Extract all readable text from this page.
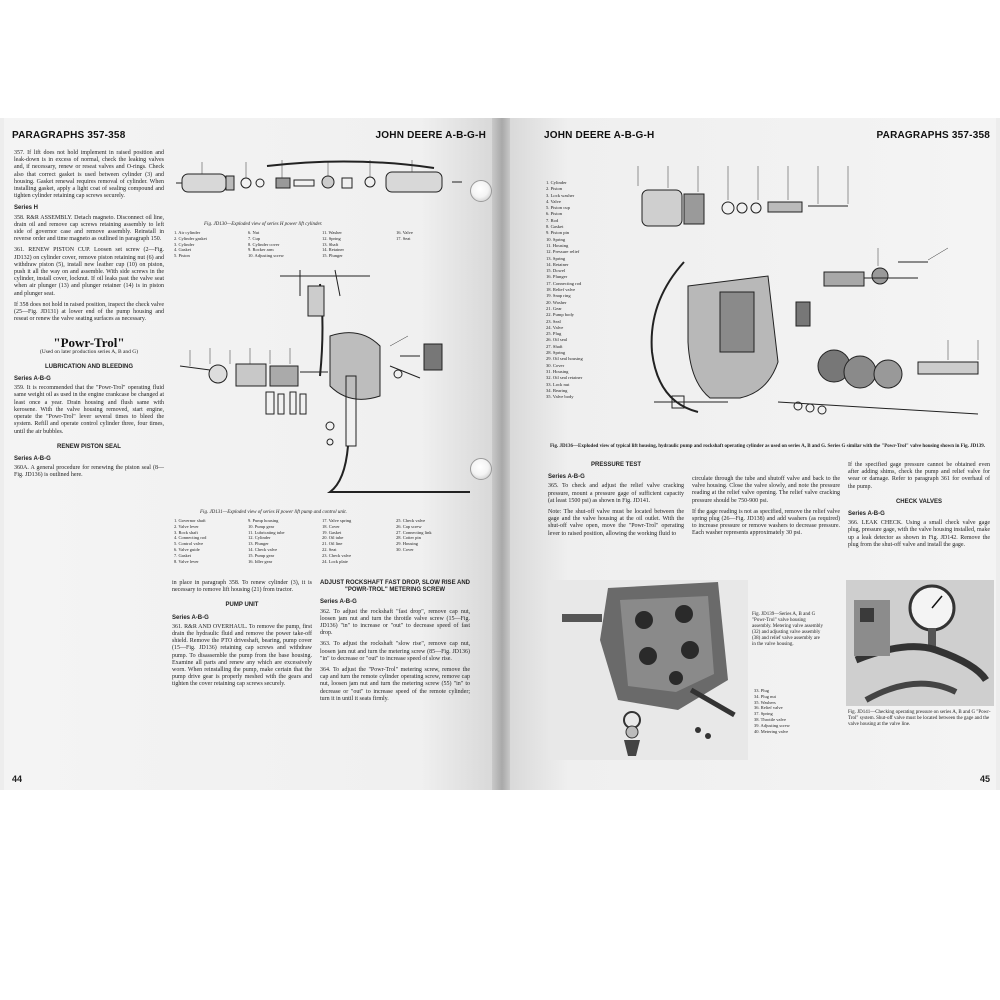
PARAGRAPHS 357-358	JOHN DEERE A-B-G-H

357. If lift does not hold implement in raised position and leak-down is in excess of normal, check the leaking valves and, if necessary, renew or reseat valves and O-rings. Check also that correct gasket is used between cylinder (3) and housing. Gasket renewal requires removal of cylinder. When installing gasket, apply a light coat of sealing compound and tighten cylinder retaining cap screws securely.

Series H

358. R&R ASSEMBLY. Detach magneto. Disconnect oil line, drain oil and remove cap screws retaining assembly to left side of governor case and remove assembly. Reinstall in reverse order and time magneto as outlined in paragraph 150.

361. RENEW PISTON CUP. Loosen set screw (2—Fig. JD132) on cylinder cover, remove piston retaining nut (6) and withdraw piston (5), install new leather cup (10) on piston, push it all the way on and assemble. With side screws in the cylinder, install cover, locknut. If oil leaks past the valve seat when air plunger (13) and plunger retainer (14) is in piston and plunger seat.

If 358 does not hold in raised position, inspect the check valve (25—Fig. JD131) at lower end of the pump housing and reseat or renew the valve seating surfaces as necessary.

"Powr-Trol"
(Used on later production series A, B and G)
LUBRICATION AND BLEEDING
Series A-B-G

359. It is recommended that the "Powr-Trol" operating fluid same weight oil as used in the engine crankcase be changed at least once a year. Drain housing and flush same with kerosene. With the valve housing removed, start engine, operate the "Powr-Trol" lever several times to bleed the system. Refill and operate control cylinder three, four times, until the air bubbles.

RENEW PISTON SEAL
Series A-B-G

360A. A general procedure for renewing the piston seal (8—Fig. JD136) is outlined here.

Fig. JD130—Exploded view of series H power lift cylinder.
1. Air cylinder
2. Cylinder gasket
3. Cylinder
4. Gasket
5. Piston
6. Nut
7. Cup
8. Cylinder cover
9. Rocker arm
10. Adjusting screw
11. Washer
12. Spring
13. Shaft
14. Retainer
15. Plunger
16. Valve
17. Seat
Fig. JD131—Exploded view of series H power lift pump and control unit.
1. Governor shaft
2. Valve lever
3. Rock shaft
4. Connecting rod
5. Control valve
6. Valve guide
7. Gasket
8. Valve lever
9. Pump housing
10. Pump gear
11. Lubricating tube
12. Cylinder
13. Plunger
14. Check valve
15. Pump gear
16. Idler gear
17. Valve spring
18. Cover
19. Gasket
20. Oil tube
21. Oil line
22. Seat
23. Check valve
24. Lock plate
25. Check valve
26. Cap screw
27. Connecting link
28. Cotter pin
29. Housing
30. Cover

in place in paragraph 358. To renew cylinder (3), it is necessary to remove lift housing (21) from tractor.

PUMP UNIT
Series A-B-G

361. R&R AND OVERHAUL. To remove the pump, first drain the hydraulic fluid and remove the power take-off shield. Remove the PTO driveshaft, bearing, pump cover (15—Fig. JD136) retaining cap screws and withdraw pump. To disassemble the pump from the base housing. Examine all parts and renew any which are excessively worn. When reinstalling the pump, make certain that the pump drive gear is properly meshed with the gears and tighten the cover retaining cap screws securely.

ADJUST ROCKSHAFT FAST DROP, SLOW RISE AND "POWR-TROL" METERING SCREW
Series A-B-G

362. To adjust the rockshaft "fast drop", remove cap nut, loosen jam nut and turn the throttle valve screw (15—Fig. JD136) "in" to increase or "out" to decrease speed of fast drop.

363. To adjust the rockshaft "slow rise", remove cap nut, loosen jam nut and turn the metering screw (85—Fig. JD136) "in" to decrease or "out" to increase speed of slow rise.

364. To adjust the "Powr-Trol" metering screw, remove the cap and turn the remote cylinder operating screw, remove cap nut, loosen jam nut and turn the metering screw (55) "in" to decrease or "out" to increase speed of the remote cylinder; turn it in until it seats firmly.

44
JOHN DEERE A-B-G-H	PARAGRAPHS 357-358
1. Cylinder
2. Piston
3. Lock washer
4. Valve
5. Piston cup
6. Piston
7. Rod
8. Gasket
9. Piston pin
10. Spring
11. Housing
12. Pressure relief
13. Spring
14. Retainer
15. Dowel
16. Plunger
17. Connecting rod
18. Relief valve
19. Snap ring
20. Washer
21. Gear
22. Pump body
23. Seal
24. Valve
25. Plug
26. Oil seal
27. Shaft
28. Spring
29. Oil seal housing
30. Cover
31. Housing
32. Oil seal retainer
33. Lock nut
34. Bearing
35. Valve body
Fig. JD136—Exploded view of typical lift housing, hydraulic pump and rockshaft operating cylinder as used on series A, B and G. Series G similar with the "Powr-Trol" valve housing shown in Fig. JD139.
PRESSURE TEST
Series A-B-G

365. To check and adjust the relief valve cracking pressure, mount a pressure gage of sufficient capacity (at least 1500 psi) as shown in Fig. JD141.

Note: The shut-off valve must be located between the gage and the valve housing at the oil outlet. With the shut-off valve open, move the "Powr-Trol" operating lever to raised position, allowing the working fluid to

circulate through the tube and shutoff valve and back to the valve housing. Close the valve slowly, and note the pressure reading at the relief valve opening. The relief valve cracking pressure should be 750-900 psi.

If the gage reading is not as specified, remove the relief valve spring plug (26—Fig. JD138) and add washers (as required) to increase pressure or remove washers to decrease pressure. Each washer represents approximately 30 psi.

If the specified gage pressure cannot be obtained even after adding shims, check the pump and relief valve for wear or damage. Refer to paragraph 361 for overhaul of the pump.

CHECK VALVES
Series A-B-G

366. LEAK CHECK. Using a small check valve gage plug, pressure gage, with the valve housing installed, make up a leak detector as shown in Fig. JD142. Remove the plug from the shut-off valve and install the gage.

Fig. JD139—Series A, B and G "Powr-Trol" valve housing assembly. Metering valve assembly (32) and adjusting valve assembly (38) and relief valve assembly are in the valve housing.
33. Plug
34. Plug nut
35. Washers
36. Relief valve
37. Spring
38. Throttle valve
39. Adjusting screw
40. Metering valve
Fig. JD141—Checking operating pressure on series A, B and G "Powr-Trol" system. Shut-off valve must be located between the gage and the valve housing at the valve line.
45
